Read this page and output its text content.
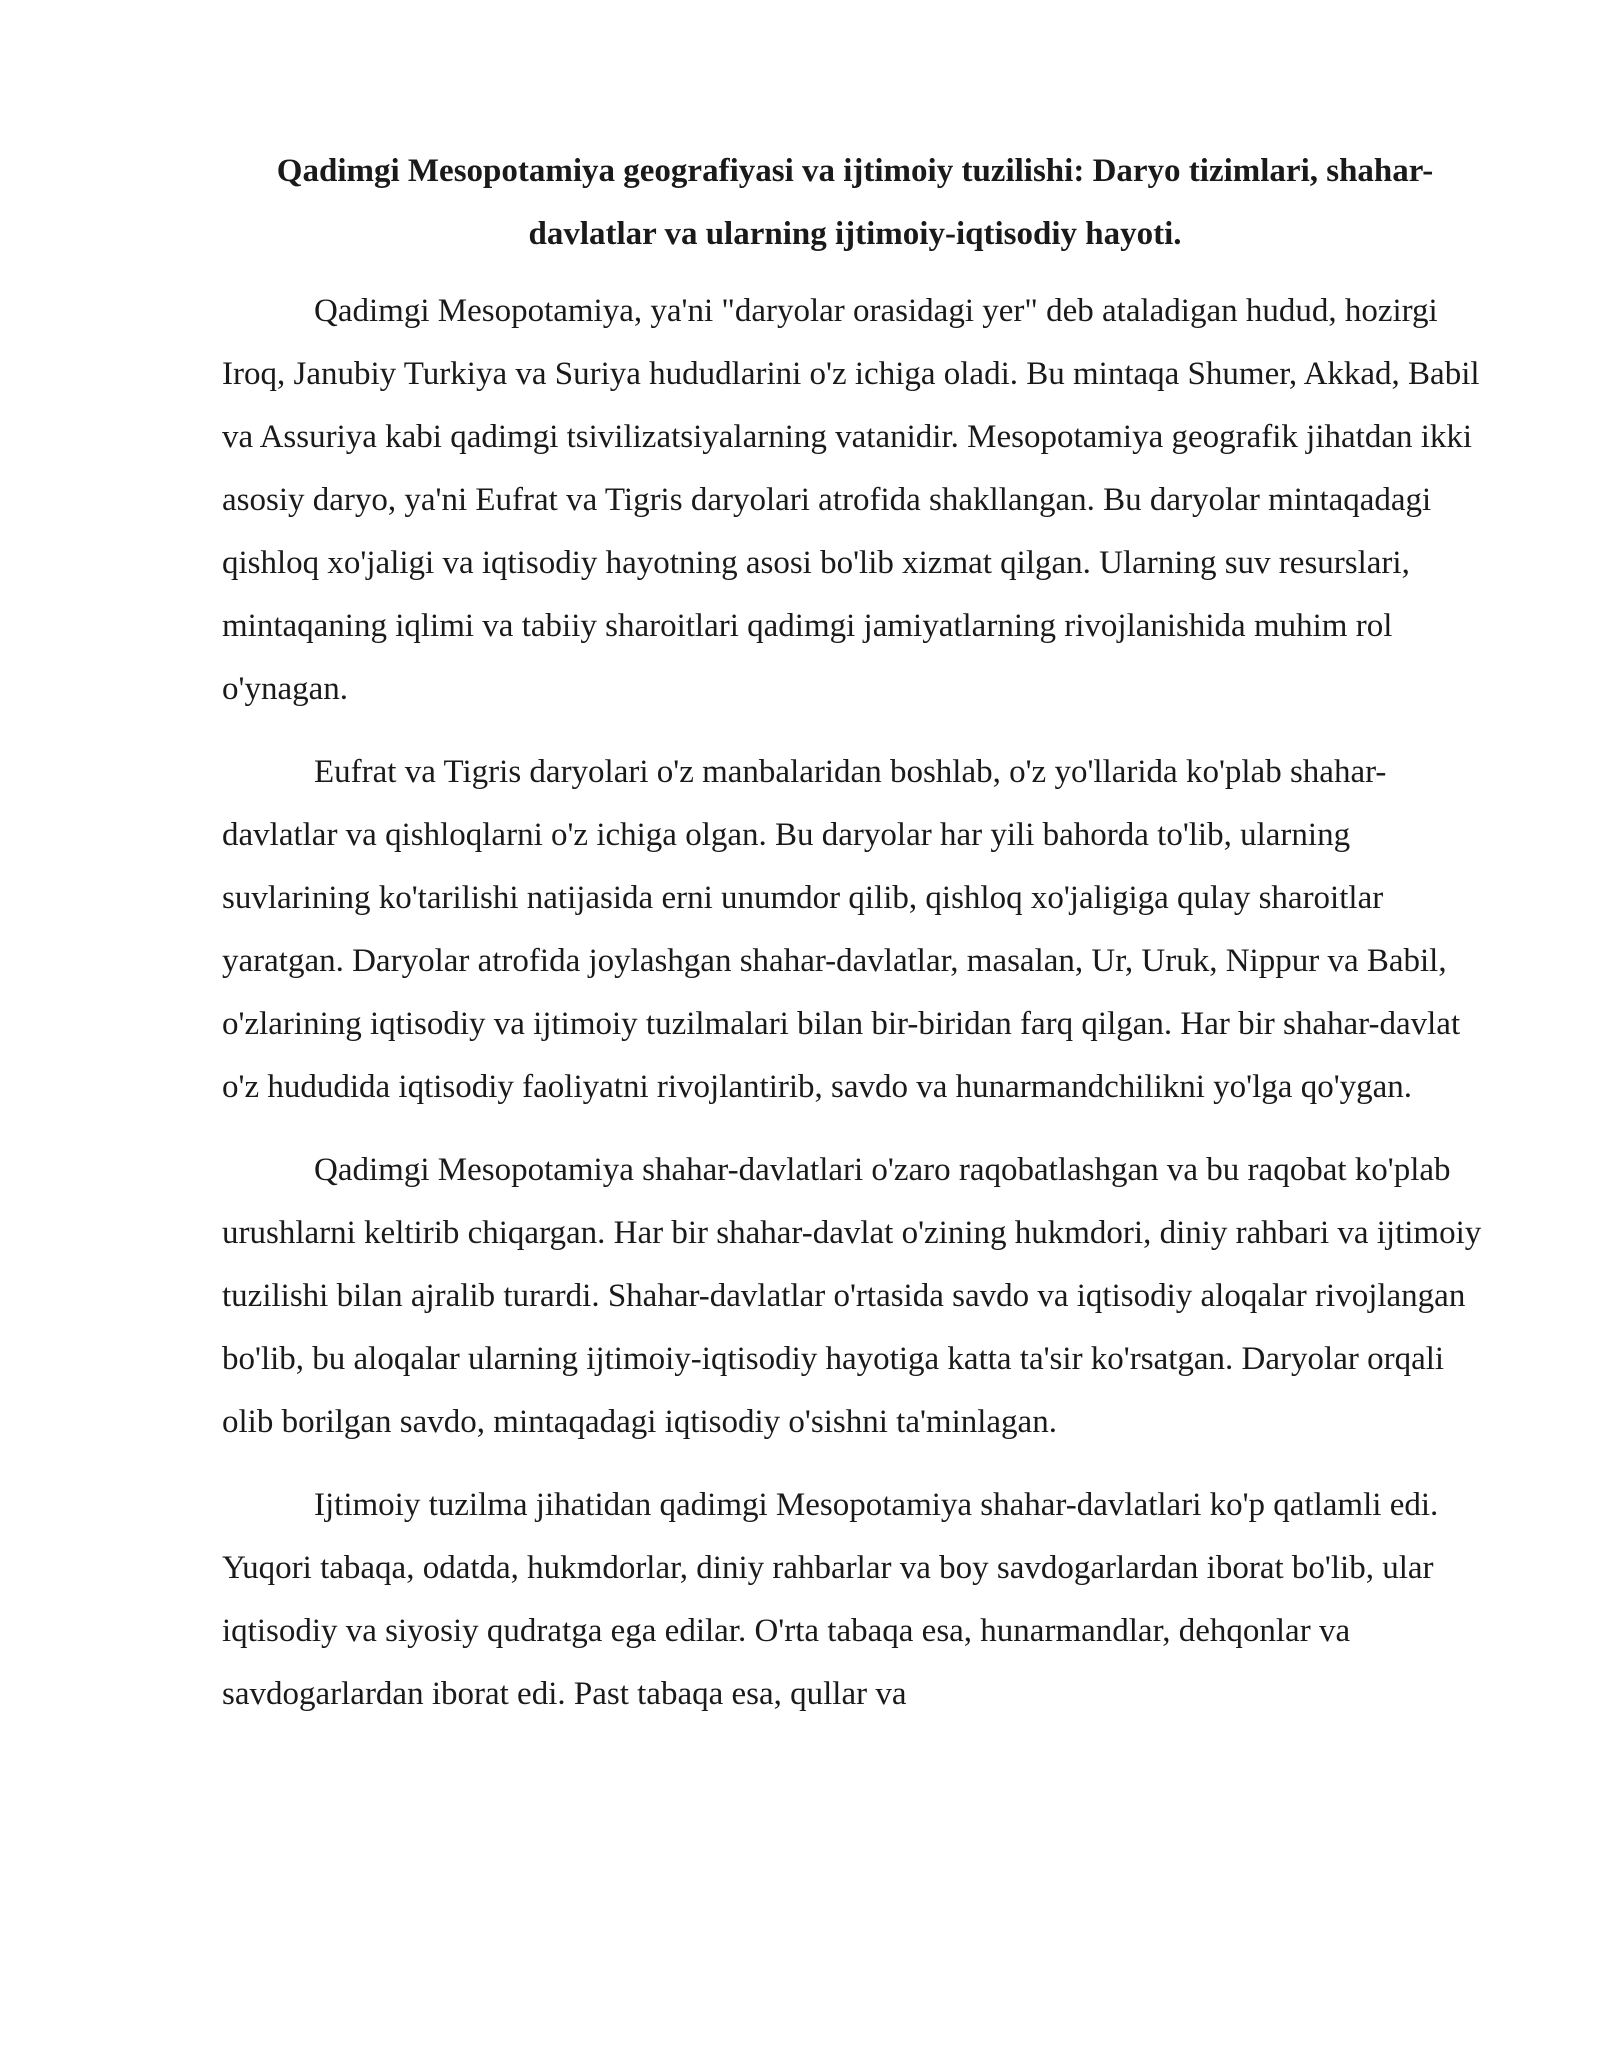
Qadimgi Mesopotamiya geografiyasi va ijtimoiy tuzilishi: Daryo tizimlari, shahar-davlatlar va ularning ijtimoiy-iqtisodiy hayoti.

Qadimgi Mesopotamiya, ya'ni "daryolar orasidagi yer" deb ataladigan hudud, hozirgi Iroq, Janubiy Turkiya va Suriya hududlarini o'z ichiga oladi. Bu mintaqa Shumer, Akkad, Babil va Assuriya kabi qadimgi tsivilizatsiyalarning vatanidir. Mesopotamiya geografik jihatdan ikki asosiy daryo, ya'ni Eufrat va Tigris daryolari atrofida shakllangan. Bu daryolar mintaqadagi qishloq xo'jaligi va iqtisodiy hayotning asosi bo'lib xizmat qilgan. Ularning suv resurslari, mintaqaning iqlimi va tabiiy sharoitlari qadimgi jamiyatlarning rivojlanishida muhim rol o'ynagan.

Eufrat va Tigris daryolari o'z manbalaridan boshlab, o'z yo'llarida ko'plab shahar-davlatlar va qishloqlarni o'z ichiga olgan. Bu daryolar har yili bahorda to'lib, ularning suvlarining ko'tarilishi natijasida erni unumdor qilib, qishloq xo'jaligiga qulay sharoitlar yaratgan. Daryolar atrofida joylashgan shahar-davlatlar, masalan, Ur, Uruk, Nippur va Babil, o'zlarining iqtisodiy va ijtimoiy tuzilmalari bilan bir-biridan farq qilgan. Har bir shahar-davlat o'z hududida iqtisodiy faoliyatni rivojlantirib, savdo va hunarmandchilikni yo'lga qo'ygan.

Qadimgi Mesopotamiya shahar-davlatlari o'zaro raqobatlashgan va bu raqobat ko'plab urushlarni keltirib chiqargan. Har bir shahar-davlat o'zining hukmdori, diniy rahbari va ijtimoiy tuzilishi bilan ajralib turardi. Shahar-davlatlar o'rtasida savdo va iqtisodiy aloqalar rivojlangan bo'lib, bu aloqalar ularning ijtimoiy-iqtisodiy hayotiga katta ta'sir ko'rsatgan. Daryolar orqali olib borilgan savdo, mintaqadagi iqtisodiy o'sishni ta'minlagan.

Ijtimoiy tuzilma jihatidan qadimgi Mesopotamiya shahar-davlatlari ko'p qatlamli edi. Yuqori tabaqa, odatda, hukmdorlar, diniy rahbarlar va boy savdogarlardan iborat bo'lib, ular iqtisodiy va siyosiy qudratga ega edilar. O'rta tabaqa esa, hunarmandlar, dehqonlar va savdogarlardan iborat edi. Past tabaqa esa, qullar va
